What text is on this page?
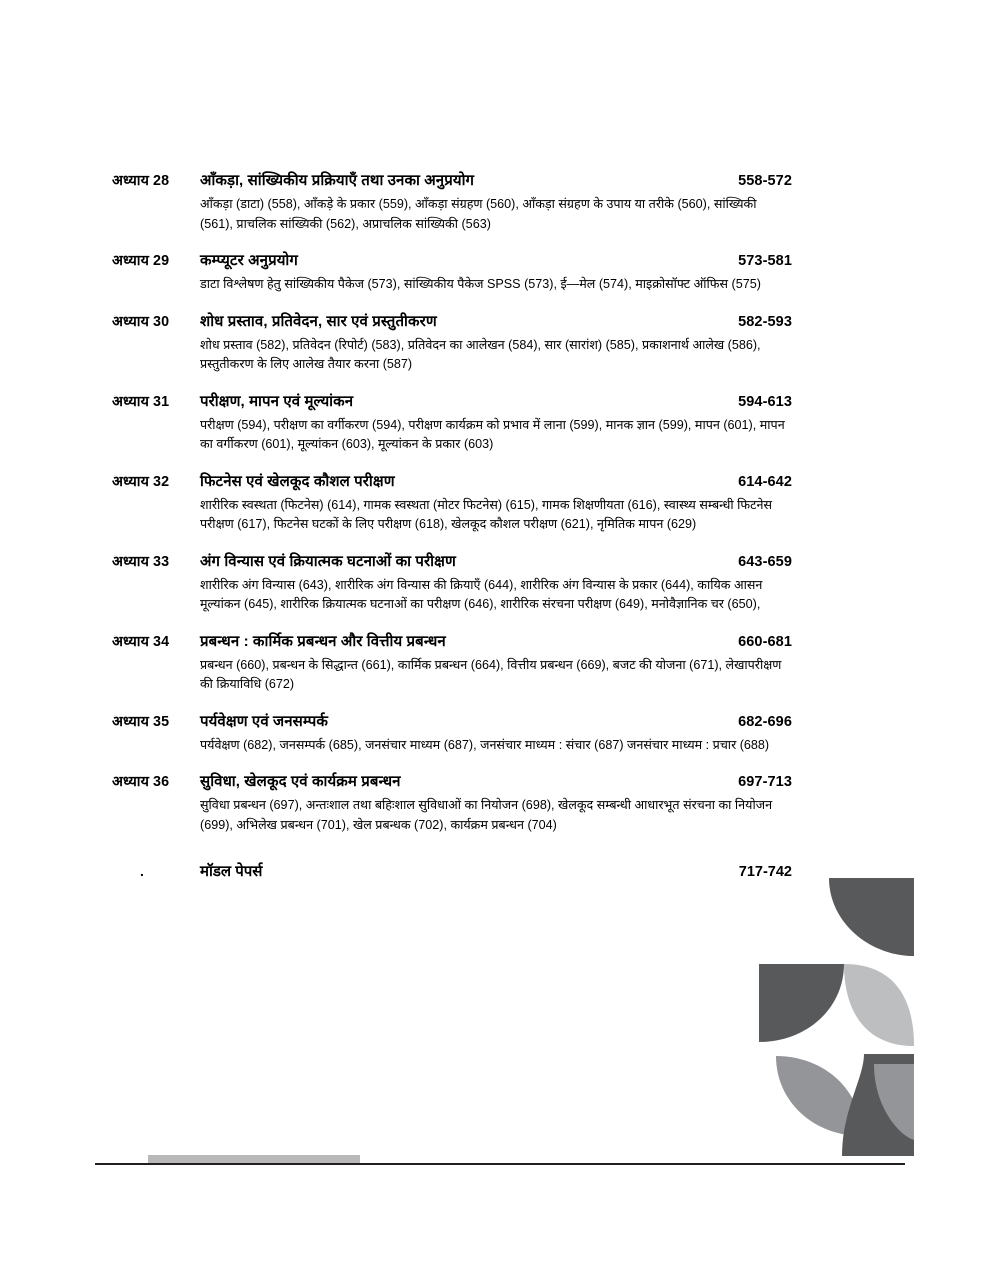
अध्याय 28	आँकड़ा, सांख्यिकीय प्रक्रियाएँ तथा उनका अनुप्रयोग	558-572
आँकड़ा (डाटा) (558), आँकड़े के प्रकार (559), आँकड़ा संग्रहण (560), आँकड़ा संग्रहण के उपाय या तरीके (560), सांख्यिकी (561), प्राचलिक सांख्यिकी (562), अप्राचलिक सांख्यिकी (563)
अध्याय 29	कम्प्यूटर अनुप्रयोग	573-581
डाटा विश्लेषण हेतु सांख्यिकीय पैकेज (573), सांख्यिकीय पैकेज SPSS (573), ई—मेल (574), माइक्रोसॉफ्ट ऑफिस (575)
अध्याय 30	शोध प्रस्ताव, प्रतिवेदन, सार एवं प्रस्तुतीकरण	582-593
शोध प्रस्ताव (582), प्रतिवेदन (रिपोर्ट) (583), प्रतिवेदन का आलेखन (584), सार (सारांश) (585), प्रकाशनार्थ आलेख (586), प्रस्तुतीकरण के लिए आलेख तैयार करना (587)
अध्याय 31	परीक्षण, मापन एवं मूल्यांकन	594-613
परीक्षण (594), परीक्षण का वर्गीकरण (594), परीक्षण कार्यक्रम को प्रभाव में लाना (599), मानक ज्ञान (599), मापन (601), मापन का वर्गीकरण (601), मूल्यांकन (603), मूल्यांकन के प्रकार (603)
अध्याय 32	फिटनेस एवं खेलकूद कौशल परीक्षण	614-642
शारीरिक स्वस्थता (फिटनेस) (614), गामक स्वस्थता (मोटर फिटनेस) (615), गामक शिक्षणीयता (616), स्वास्थ्य सम्बन्धी फिटनेस परीक्षण (617), फिटनेस घटकों के लिए परीक्षण (618), खेलकूद कौशल परीक्षण (621), नृमितिक मापन (629)
अध्याय 33	अंग विन्यास एवं क्रियात्मक घटनाओं का परीक्षण	643-659
शारीरिक अंग विन्यास (643), शारीरिक अंग विन्यास की क्रियाएँ (644), शारीरिक अंग विन्यास के प्रकार (644), कायिक आसन मूल्यांकन (645), शारीरिक क्रियात्मक घटनाओं का परीक्षण (646), शारीरिक संरचना परीक्षण (649), मनोवैज्ञानिक चर (650),
अध्याय 34	प्रबन्धन : कार्मिक प्रबन्धन और वित्तीय प्रबन्धन	660-681
प्रबन्धन (660), प्रबन्धन के सिद्धान्त (661), कार्मिक प्रबन्धन (664), वित्तीय प्रबन्धन (669), बजट की योजना (671), लेखापरीक्षण की क्रियाविधि (672)
अध्याय 35	पर्यवेक्षण एवं जनसम्पर्क	682-696
पर्यवेक्षण (682), जनसम्पर्क (685), जनसंचार माध्यम (687), जनसंचार माध्यम : संचार (687) जनसंचार माध्यम : प्रचार (688)
अध्याय 36	सुविधा, खेलकूद एवं कार्यक्रम प्रबन्धन	697-713
सुविधा प्रबन्धन (697), अन्तःशाल तथा बहिःशाल सुविधाओं का नियोजन (698), खेलकूद सम्बन्धी आधारभूत संरचना का नियोजन (699), अभिलेख प्रबन्धन (701), खेल प्रबन्धक (702), कार्यक्रम प्रबन्धन (704)
.	मॉडल पेपर्स	717-742
